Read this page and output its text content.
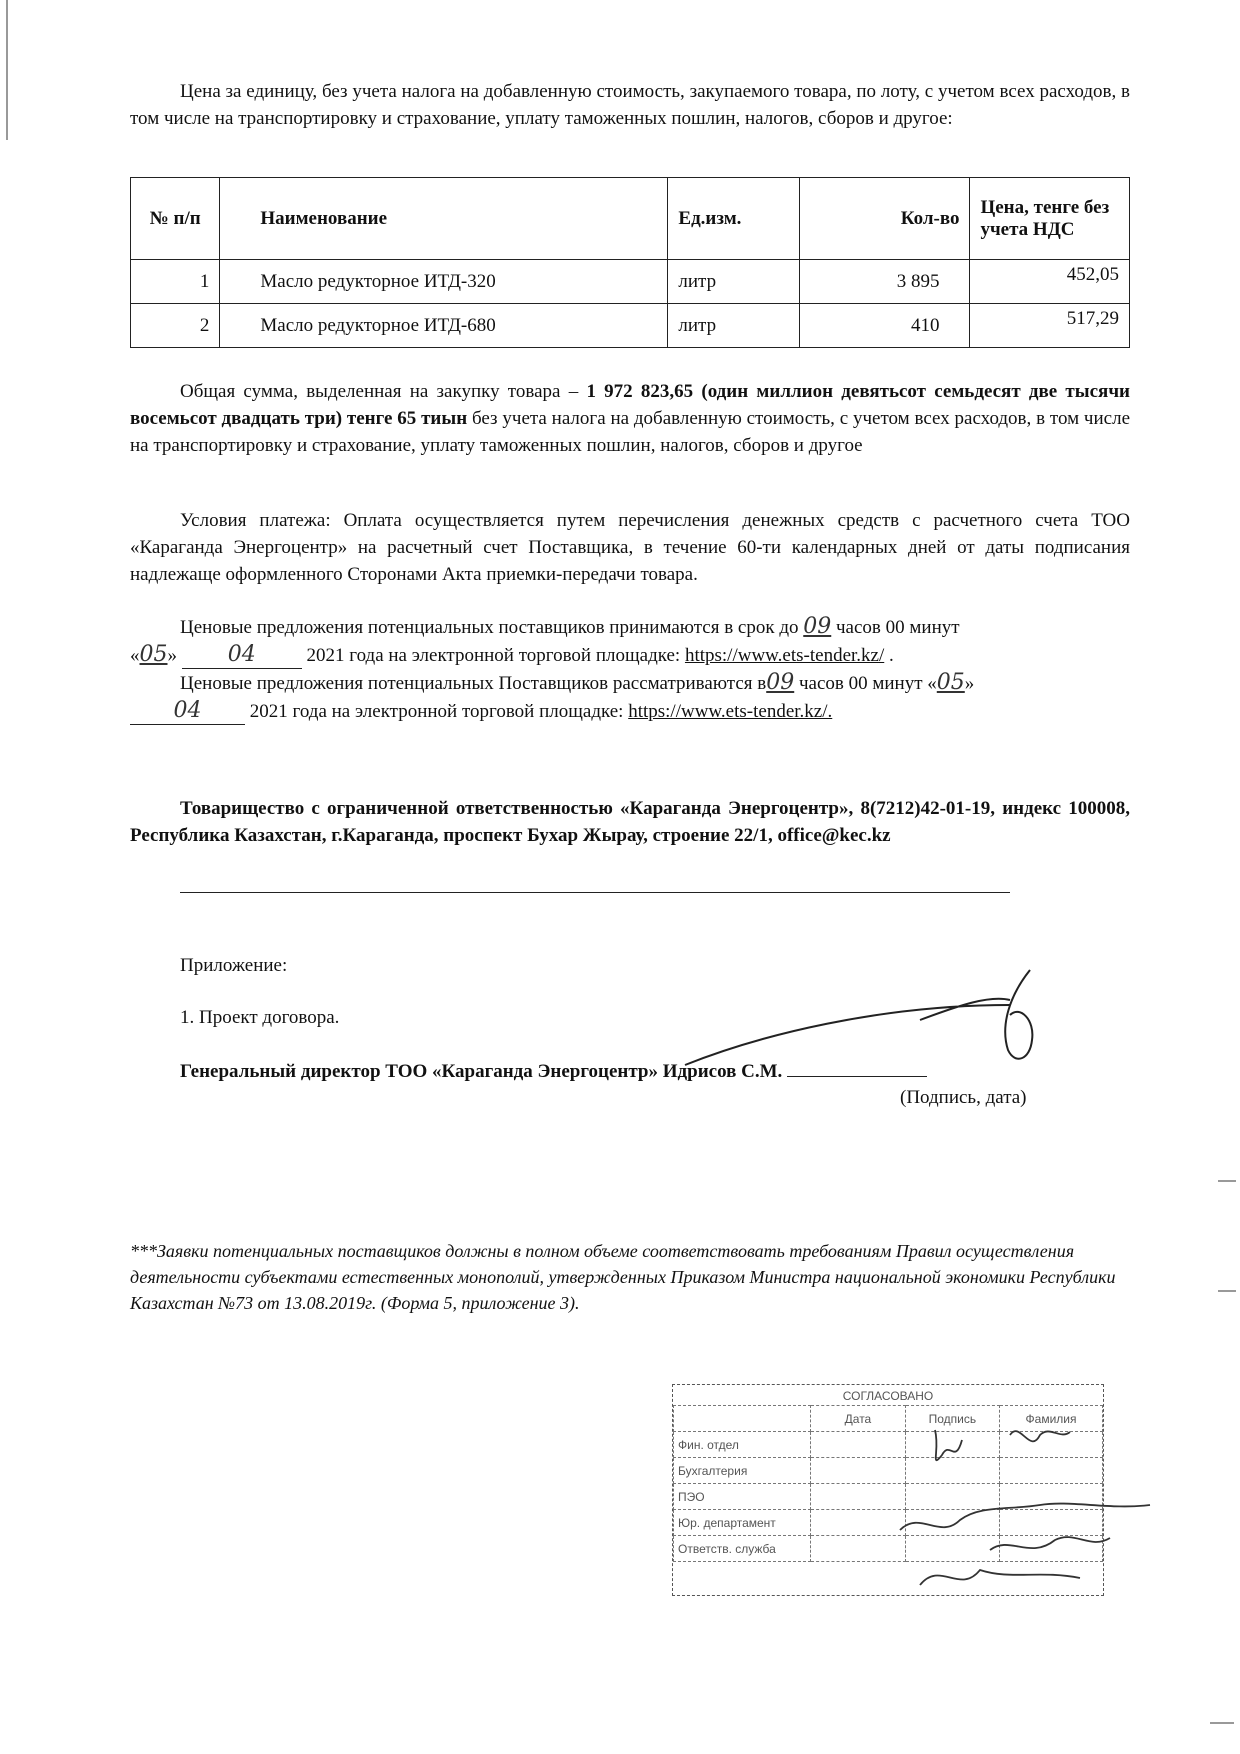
Цена за единицу, без учета налога на добавленную стоимость, закупаемого товара, по лоту, с учетом всех расходов, в том числе на транспортировку и страхование, уплату таможенных пошлин, налогов, сборов и другое:

№ п/п	Наименование	Ед.изм.	Кол-во	Цена, тенге без учета НДС
1	Масло редукторное ИТД-320	литр	3 895	452,05
2	Масло редукторное ИТД-680	литр	410	517,29

Общая сумма, выделенная на закупку товара – 1 972 823,65 (один миллион девятьсот семьдесят две тысячи восемьсот двадцать три) тенге 65 тиын без учета налога на добавленную стоимость, с учетом всех расходов, в том числе на транспортировку и страхование, уплату таможенных пошлин, налогов, сборов и другое

Условия платежа: Оплата осуществляется путем перечисления денежных средств с расчетного счета ТОО «Караганда Энергоцентр» на расчетный счет Поставщика, в течение 60-ти календарных дней от даты подписания надлежаще оформленного Сторонами Акта приемки-передачи товара.

Ценовые предложения потенциальных поставщиков принимаются в срок до 09 часов 00 минут
«05» 04	2021 года на электронной торговой площадке: https://www.ets-tender.kz/ .
Ценовые предложения потенциальных Поставщиков рассматриваются в09 часов 00 минут «05»
04	2021 года на электронной торговой площадке: https://www.ets-tender.kz/.

Товарищество с ограниченной ответственностью «Караганда Энергоцентр», 8(7212)42-01-19, индекс 100008, Республика Казахстан, г.Караганда, проспект Бухар Жырау, строение 22/1, office@kec.kz

Приложение:

1. Проект договора.

Генеральный директор ТОО «Караганда Энергоцентр» Идрисов С.М.

(Подпись, дата)

***Заявки потенциальных поставщиков должны в полном объеме соответствовать требованиям Правил осуществления деятельности субъектами естественных монополий, утвержденных Приказом Министра национальной экономики Республики Казахстан №73 от 13.08.2019г. (Форма 5, приложение 3).

СОГЛАСОВАНО
	Дата	Подпись	Фамилия
Фин. отдел			
Бухгалтерия			
ПЭО			
Юр. департамент			
Ответств. служба			
